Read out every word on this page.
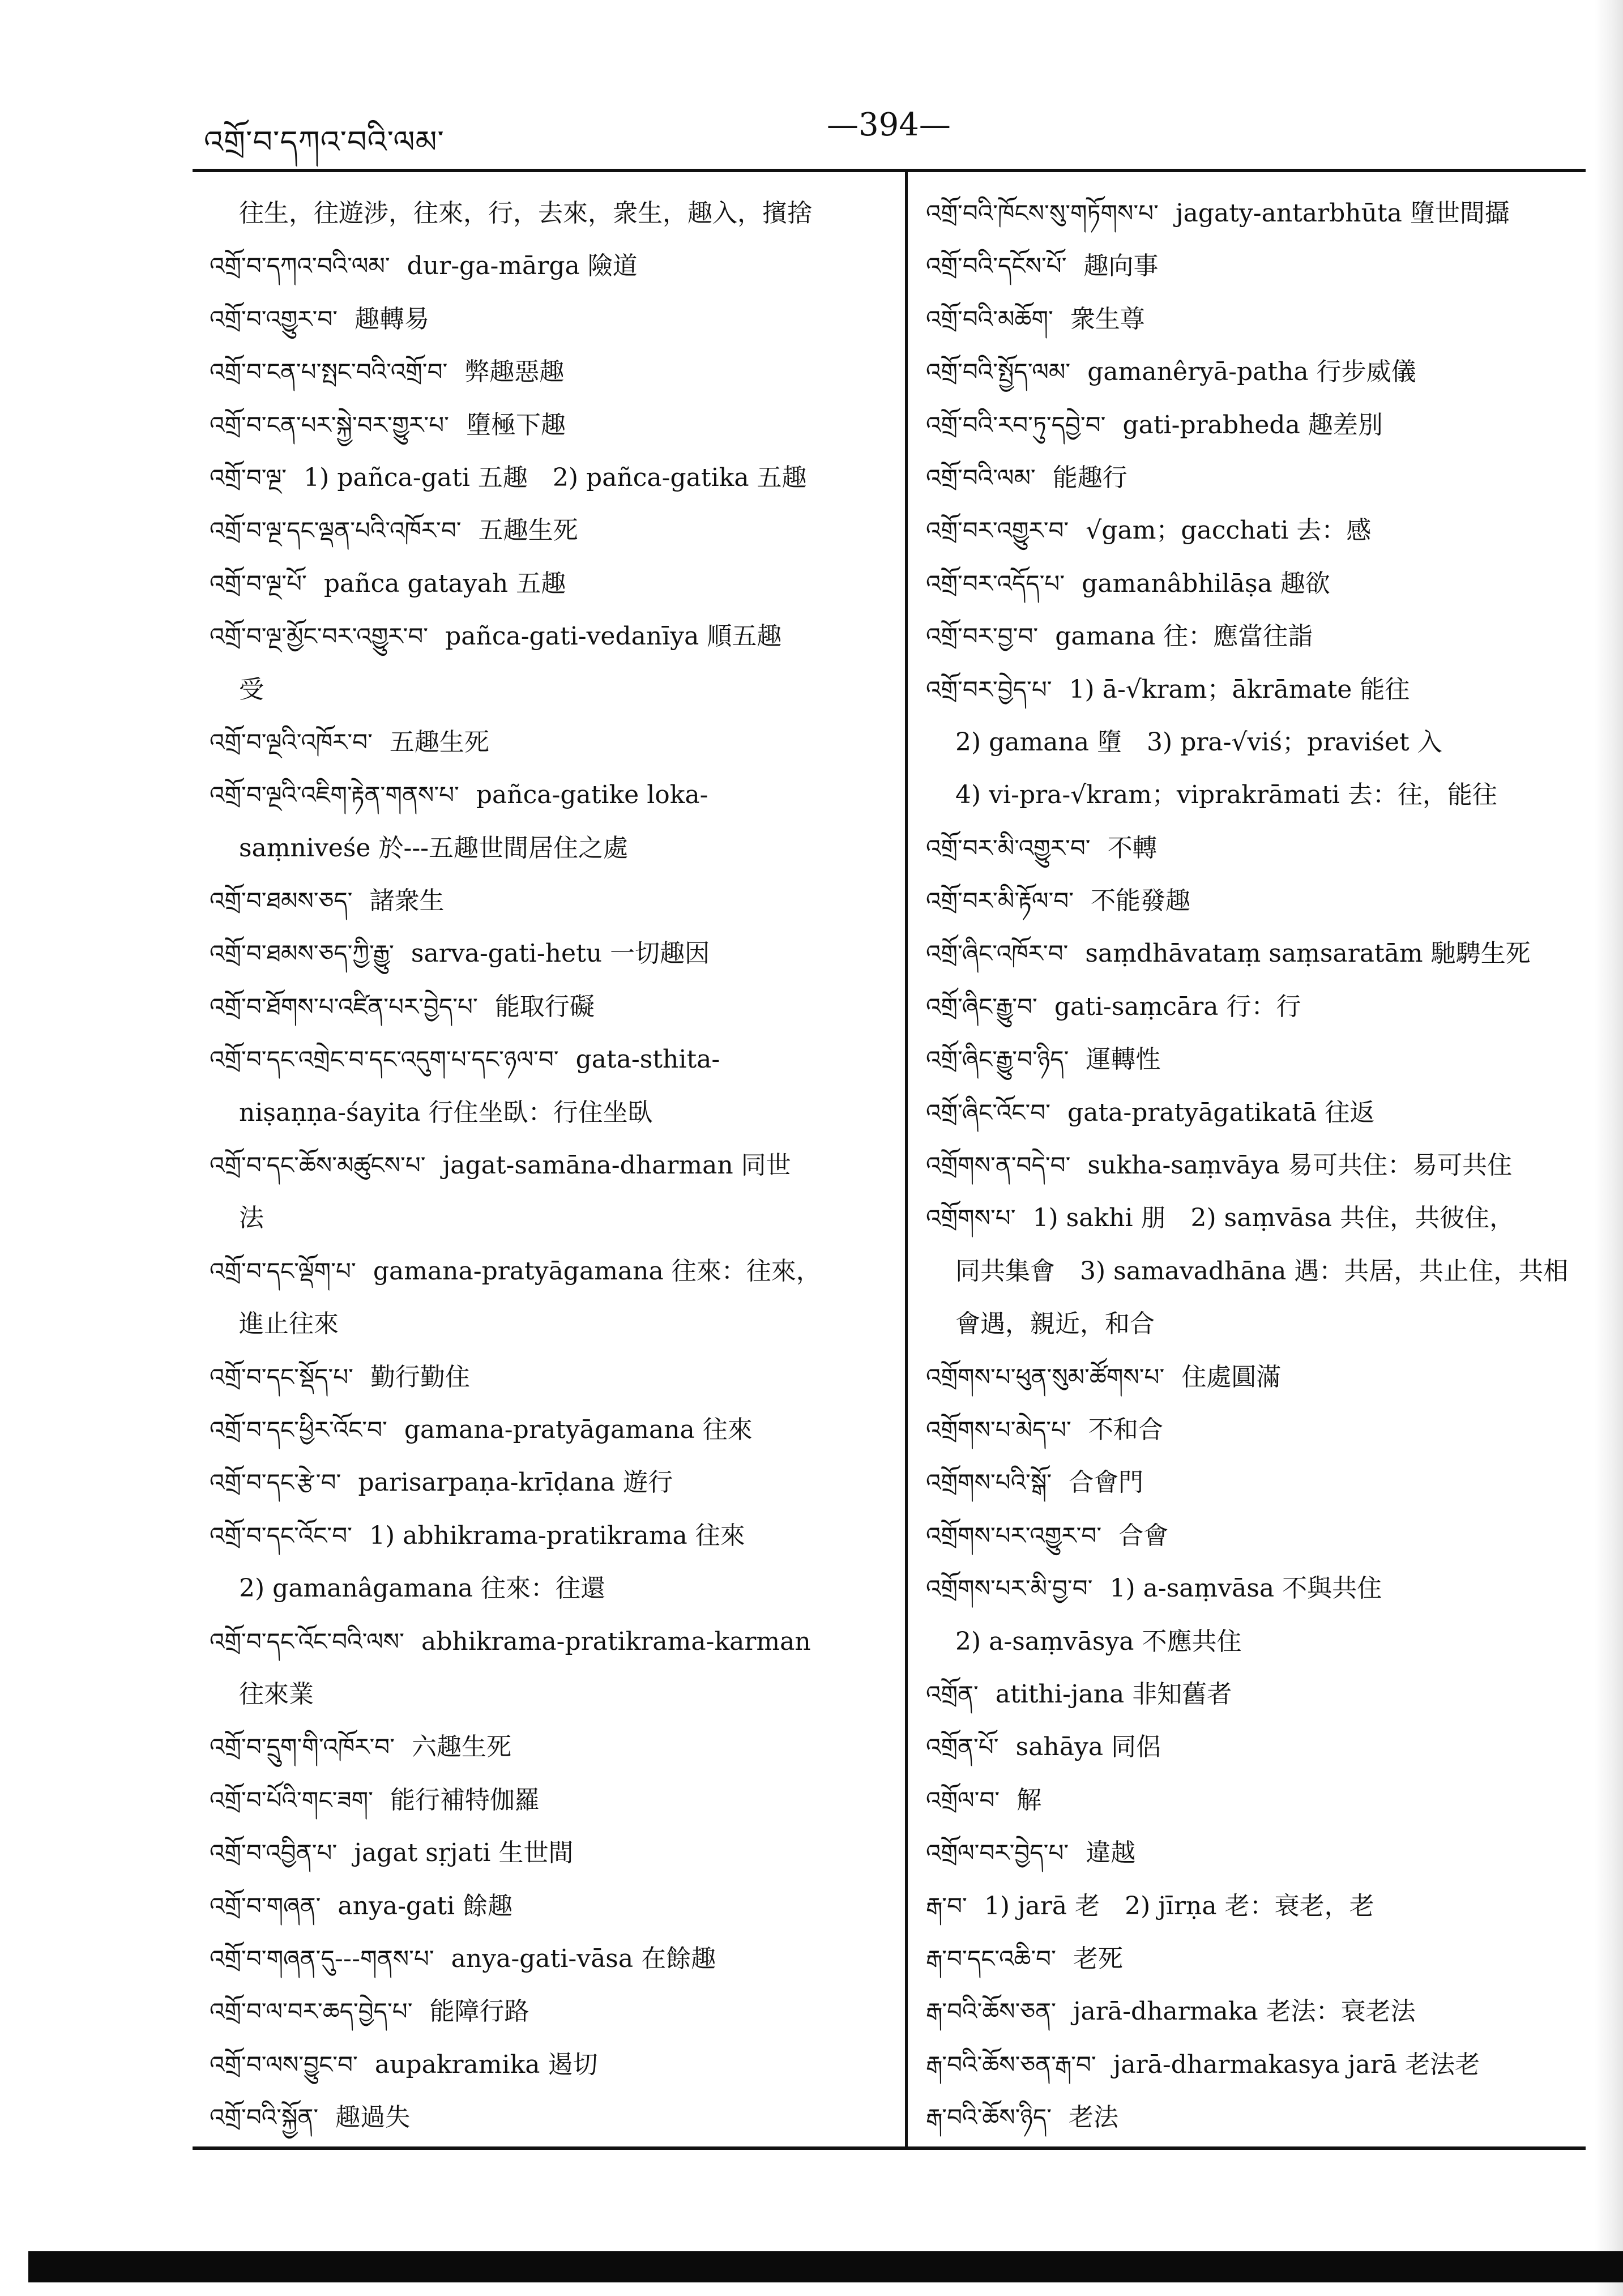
འགྲོ་བ་དཀའ་བའི་ལམ་	—394—
往生，往遊涉，往來，行，去來，衆生，趣入，擯捨
འགྲོ་བ་དཀའ་བའི་ལམ་ dur-ga-mārga 險道
འགྲོ་བ་འགྱུར་བ་ 趣轉易
འགྲོ་བ་ངན་པ་སྤང་བའི་འགྲོ་བ་ 弊趣惡趣
འགྲོ་བ་ངན་པར་སྐྱེ་བར་གྱུར་པ་ 墮極下趣
འགྲོ་བ་ལྔ་ 1) pañca-gati 五趣　2) pañca-gatika 五趣
འགྲོ་བ་ལྔ་དང་ལྡན་པའི་འཁོར་བ་ 五趣生死
འགྲོ་བ་ལྔ་པོ་ pañca gatayah 五趣
འགྲོ་བ་ལྔ་མྱོང་བར་འགྱུར་བ་ pañca-gati-vedanīya 順五趣
受
འགྲོ་བ་ལྔའི་འཁོར་བ་ 五趣生死
འགྲོ་བ་ལྔའི་འཇིག་རྟེན་གནས་པ་ pañca-gatike loka-
saṃniveśe 於---五趣世間居住之處
འགྲོ་བ་ཐམས་ཅད་ 諸衆生
འགྲོ་བ་ཐམས་ཅད་ཀྱི་རྒྱུ་ sarva-gati-hetu 一切趣因
འགྲོ་བ་ཐོགས་པ་འཛིན་པར་བྱེད་པ་ 能取行礙
འགྲོ་བ་དང་འགྲེང་བ་དང་འདུག་པ་དང་ཉལ་བ་ gata-sthita-
niṣaṇṇa-śayita 行住坐臥：行住坐臥
འགྲོ་བ་དང་ཆོས་མཚུངས་པ་ jagat-samāna-dharman 同世
法
འགྲོ་བ་དང་ལྡོག་པ་ gamana-pratyāgamana 往來：往來，
進止往來
འགྲོ་བ་དང་སྡོད་པ་ 勤行勤住
འགྲོ་བ་དང་ཕྱིར་འོང་བ་ gamana-pratyāgamana 往來
འགྲོ་བ་དང་རྩེ་བ་ parisarpaṇa-krīḍana 遊行
འགྲོ་བ་དང་འོང་བ་ 1) abhikrama-pratikrama 往來
2) gamanâgamana 往來：往還
འགྲོ་བ་དང་འོང་བའི་ལས་ abhikrama-pratikrama-karman
往來業
འགྲོ་བ་དྲུག་གི་འཁོར་བ་ 六趣生死
འགྲོ་བ་པོའི་གང་ཟག་ 能行補特伽羅
འགྲོ་བ་འབྱིན་པ་ jagat sṛjati 生世間
འགྲོ་བ་གཞན་ anya-gati 餘趣
འགྲོ་བ་གཞན་དུ---གནས་པ་ anya-gati-vāsa 在餘趣
འགྲོ་བ་ལ་བར་ཆད་བྱེད་པ་ 能障行路
འགྲོ་བ་ལས་བྱུང་བ་ aupakramika 遏切
འགྲོ་བའི་སྐྱོན་ 趣過失
འགྲོ་བའི་ཁོངས་སུ་གཏོགས་པ་ jagaty-antarbhūta 墮世間攝
འགྲོ་བའི་དངོས་པོ་ 趣向事
འགྲོ་བའི་མཆོག་ 衆生尊
འགྲོ་བའི་སྤྱོད་ལམ་ gamanêryā-patha 行步威儀
འགྲོ་བའི་རབ་ཏུ་དབྱེ་བ་ gati-prabheda 趣差別
འགྲོ་བའི་ལམ་ 能趣行
འགྲོ་བར་འགྱུར་བ་ √gam；gacchati 去：感
འགྲོ་བར་འདོད་པ་ gamanâbhilāṣa 趣欲
འགྲོ་བར་བྱ་བ་ gamana 往：應當往詣
འགྲོ་བར་བྱེད་པ་ 1) ā-√kram；ākrāmate 能往
2) gamana 墮　3) pra-√viś；praviśet 入
4) vi-pra-√kram；viprakrāmati 去：往，能往
འགྲོ་བར་མི་འགྱུར་བ་ 不轉
འགྲོ་བར་མི་རྟོལ་བ་ 不能發趣
འགྲོ་ཞིང་འཁོར་བ་ saṃdhāvataṃ saṃsaratām 馳騁生死
འགྲོ་ཞིང་རྒྱུ་བ་ gati-saṃcāra 行：行
འགྲོ་ཞིང་རྒྱུ་བ་ཉིད་ 運轉性
འགྲོ་ཞིང་འོང་བ་ gata-pratyāgatikatā 往返
འགྲོགས་ན་བདེ་བ་ sukha-saṃvāya 易可共住：易可共住
འགྲོགས་པ་ 1) sakhi 朋　2) saṃvāsa 共住，共彼住，
同共集會　3) samavadhāna 遇：共居，共止住，共相
會遇，親近，和合
འགྲོགས་པ་ཕུན་སུམ་ཚོགས་པ་ 住處圓滿
འགྲོགས་པ་མེད་པ་ 不和合
འགྲོགས་པའི་སྒོ་ 合會門
འགྲོགས་པར་འགྱུར་བ་ 合會
འགྲོགས་པར་མི་བྱ་བ་ 1) a-saṃvāsa 不與共住
2) a-saṃvāsya 不應共住
འགྲོན་ atithi-jana 非知舊者
འགྲོན་པོ་ sahāya 同侶
འགྲོལ་བ་ 解
འགྲོལ་བར་བྱེད་པ་ 違越
རྒ་བ་ 1) jarā 老　2) jīrṇa 老：衰老，老
རྒ་བ་དང་འཆི་བ་ 老死
རྒ་བའི་ཆོས་ཅན་ jarā-dharmaka 老法：衰老法
རྒ་བའི་ཆོས་ཅན་རྒ་བ་ jarā-dharmakasya jarā 老法老
རྒ་བའི་ཆོས་ཉིད་ 老法
